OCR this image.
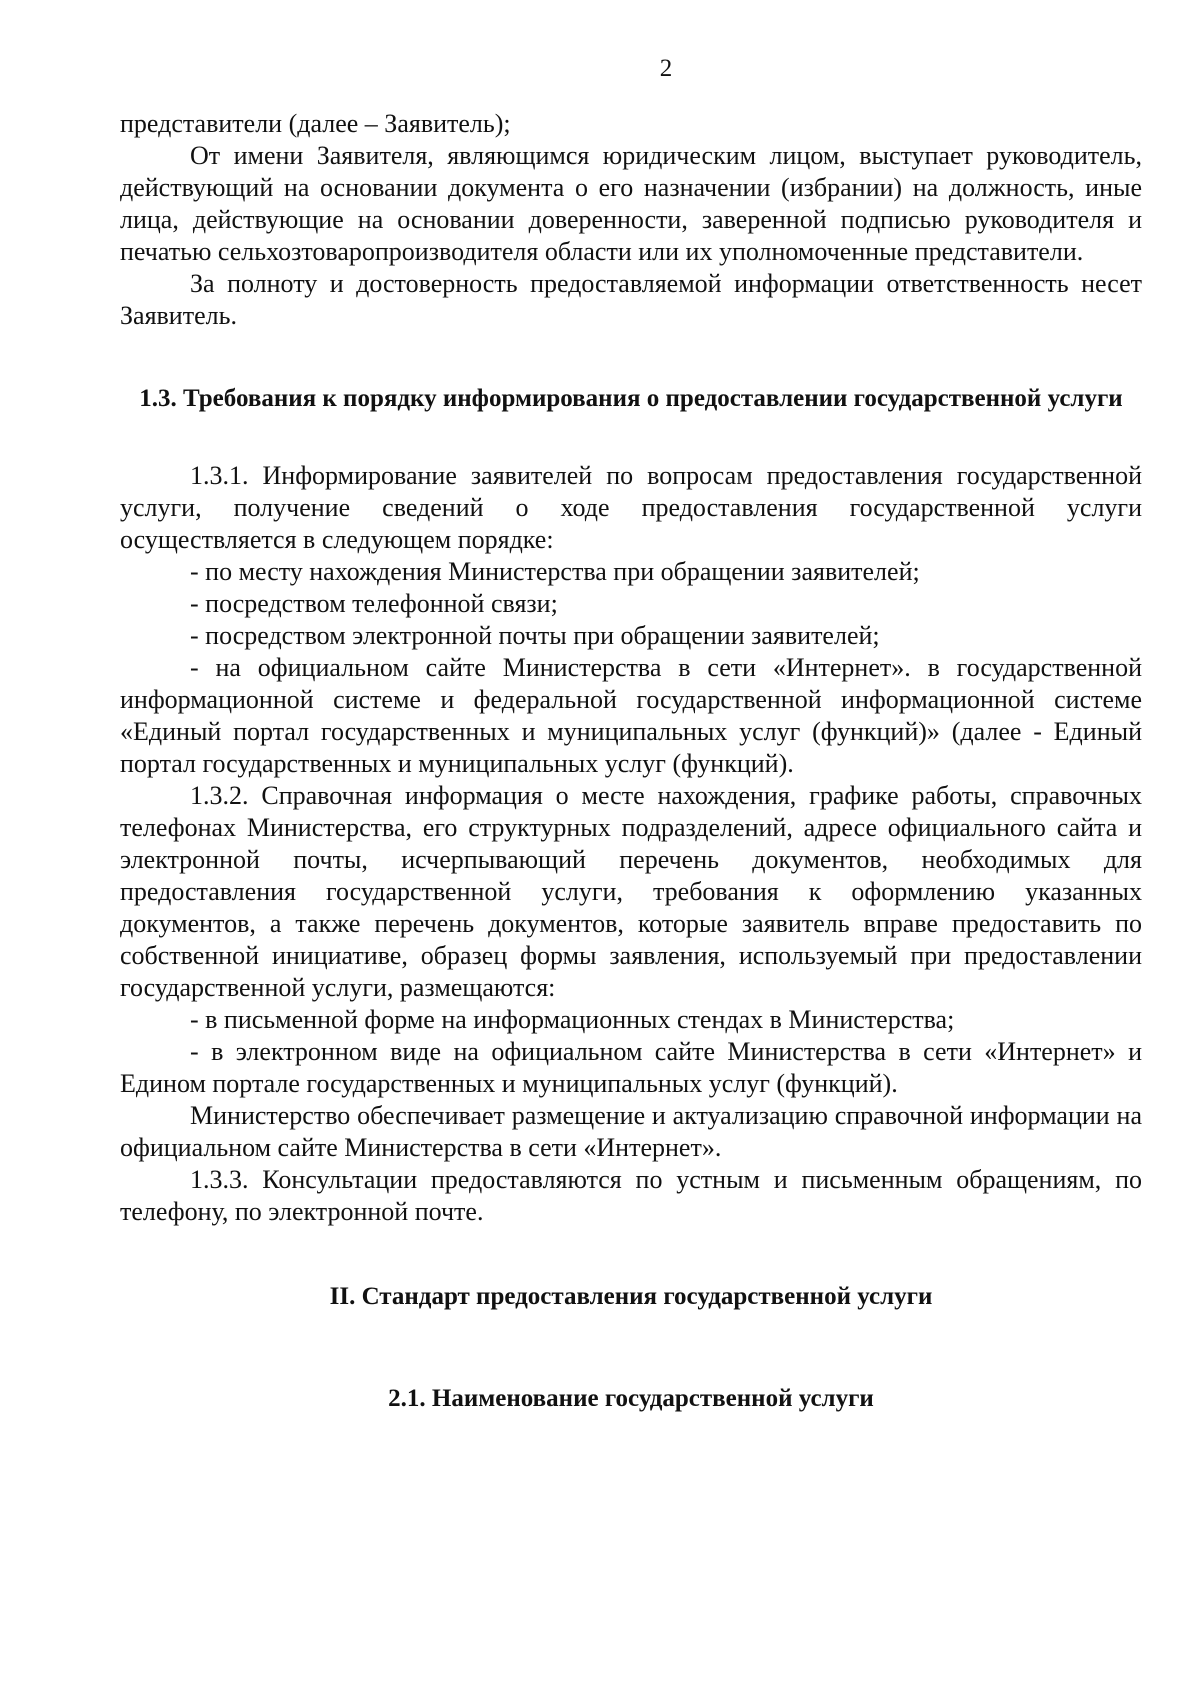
2

представители (далее – Заявитель);

От имени Заявителя, являющимся юридическим лицом, выступает руководитель, действующий на основании документа о его назначении (избрании) на должность, иные лица, действующие на основании доверенности, заверенной подписью руководителя и печатью сельхозтоваропроизводителя области или их уполномоченные представители.

За полноту и достоверность предоставляемой информации ответственность несет Заявитель.

1.3. Требования к порядку информирования о предоставлении государственной услуги

1.3.1. Информирование заявителей по вопросам предоставления государственной услуги, получение сведений о ходе предоставления государственной услуги осуществляется в следующем порядке:

- по месту нахождения Министерства при обращении заявителей;

- посредством телефонной связи;

- посредством электронной почты при обращении заявителей;

- на официальном сайте Министерства в сети «Интернет». в государственной информационной системе и федеральной государственной информационной системе «Единый портал государственных и муниципальных услуг (функций)» (далее - Единый портал государственных и муниципальных услуг (функций).

1.3.2. Справочная информация о месте нахождения, графике работы, справочных телефонах Министерства, его структурных подразделений, адресе официального сайта и электронной почты, исчерпывающий перечень документов, необходимых для предоставления государственной услуги, требования к оформлению указанных документов, а также перечень документов, которые заявитель вправе предоставить по собственной инициативе, образец формы заявления, используемый при предоставлении государственной услуги, размещаются:

- в письменной форме на информационных стендах в Министерства;

- в электронном виде на официальном сайте Министерства в сети «Интернет» и Едином портале государственных и муниципальных услуг (функций).

Министерство обеспечивает размещение и актуализацию справочной информации на официальном сайте Министерства в сети «Интернет».

1.3.3. Консультации предоставляются по устным и письменным обращениям, по телефону, по электронной почте.

II. Стандарт предоставления государственной услуги

2.1. Наименование государственной услуги
